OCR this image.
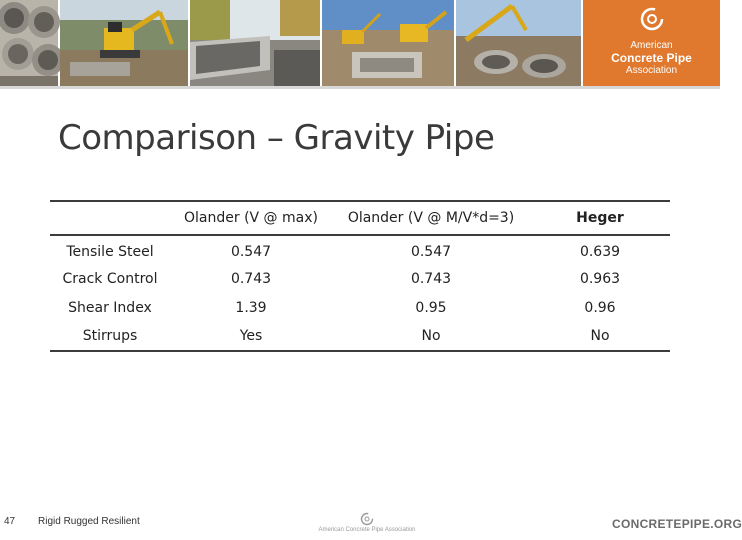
American
Concrete Pipe
Association
Comparison – Gravity Pipe
	Olander (V @ max)	Olander (V @ M/V*d=3)	Heger
Tensile Steel	0.547	0.547	0.639
Crack Control	0.743	0.743	0.963
Shear Index	1.39	0.95	0.96
Stirrups	Yes	No	No
47 Rigid Rugged Resilient
American Concrete Pipe Association	CONCRETEPIPE.ORG
